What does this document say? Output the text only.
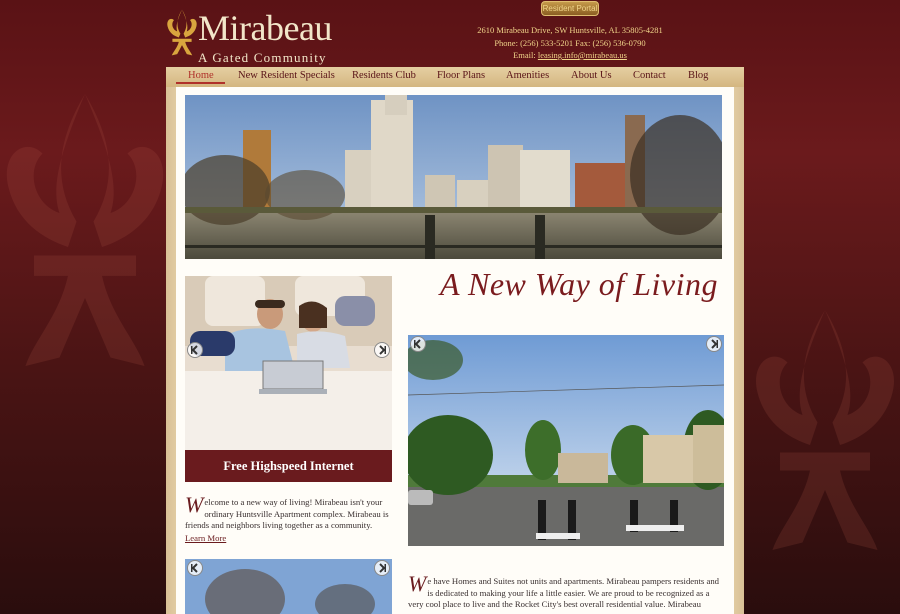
Mirabeau
A Gated Community
Resident Portal
2610 Mirabeau Drive, SW Huntsville, AL 35805-4281
Phone: (256) 533-5201 Fax: (256) 536-0790
Email: leasing.info@mirabeau.us
Home New Resident Specials Residents Club Floor Plans Amenities About Us Contact Blog
Free Highspeed Internet
A New Way of Living
Welcome to a new way of living! Mirabeau isn't your ordinary Huntsville Apartment complex. Mirabeau is friends and neighbors living together as a community.
Learn More
We have Homes and Suites not units and apartments. Mirabeau pampers residents and is dedicated to making your life a little easier. We are proud to be recognized as a very cool place to live and the Rocket City's best overall residential value. Mirabeau
